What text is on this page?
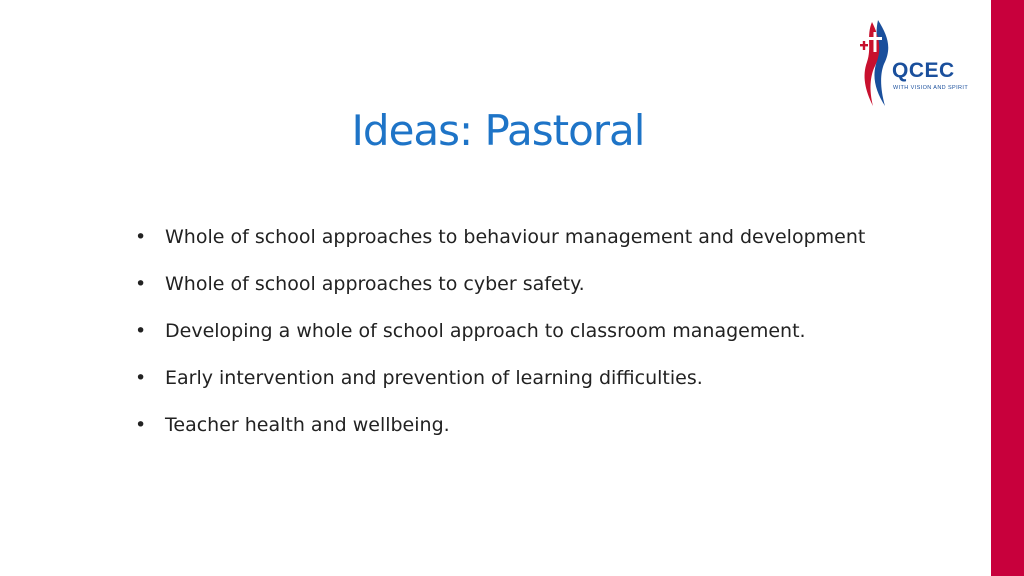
QCEC
WITH VISION AND SPIRIT
Ideas: Pastoral
• Whole of school approaches to behaviour management and development
• Whole of school approaches to cyber safety.
• Developing a whole of school approach to classroom management.
• Early intervention and prevention of learning difficulties.
• Teacher health and wellbeing.
